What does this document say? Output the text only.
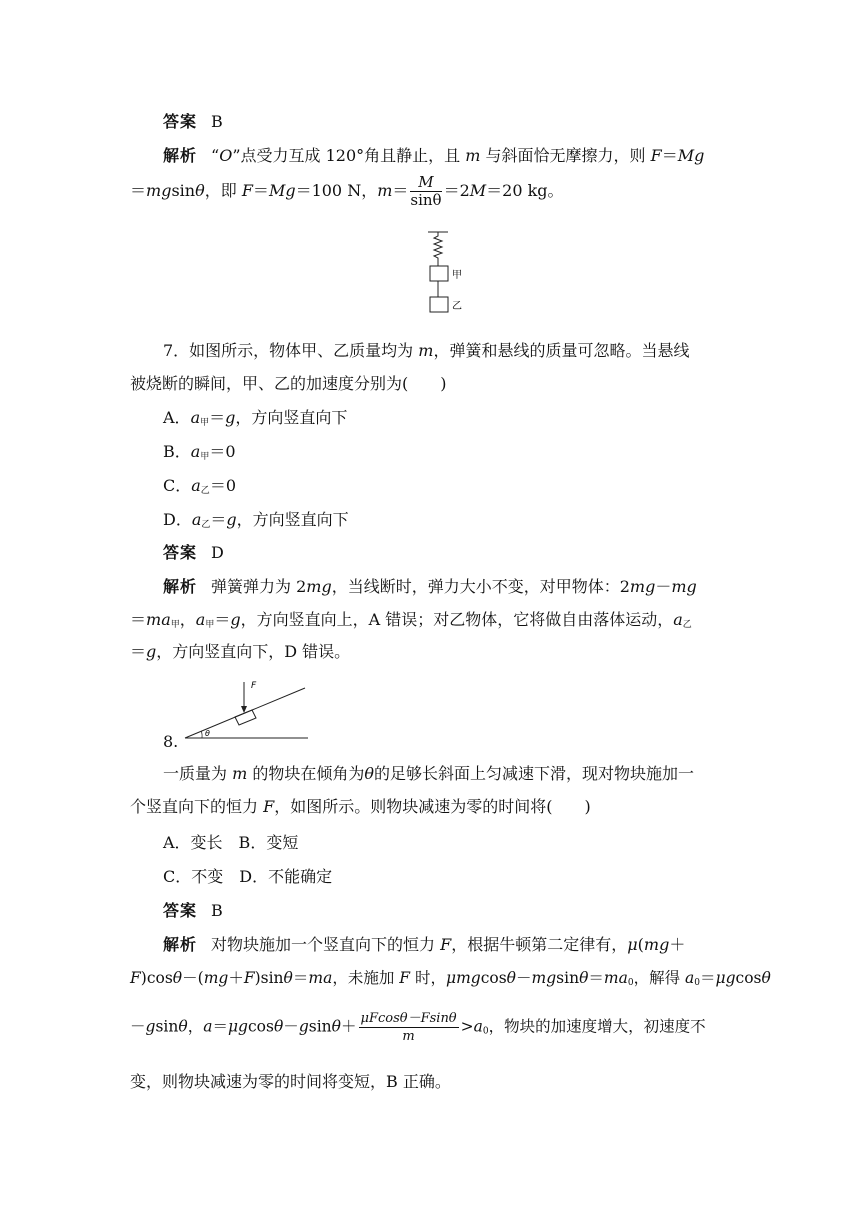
答案 B
解析 “O”点受力互成 120°角且静止，且 m 与斜面恰无摩擦力，则 F＝Mg
＝mgsinθ，即 F＝Mg＝100 N，$m= \frac{M}{\sin\theta} =2M=20$ kg。
甲
乙
7．如图所示，物体甲、乙质量均为 m，弹簧和悬线的质量可忽略。当悬线
被烧断的瞬间，甲、乙的加速度分别为(　　)
A．$a_甲=g$，方向竖直向下
B．$a_甲=0$
C．$a_乙=0$
D．$a_乙=g$，方向竖直向下
答案 D
解析 弹簧弹力为 2mg，当线断时，弹力大小不变，对甲物体：2mg－mg
$=ma_甲$，$a_甲=g$，方向竖直向上，A 错误；对乙物体，它将做自由落体运动，$a_乙$
＝g，方向竖直向下，D 错误。
F
θ
8.
一质量为 m 的物块在倾角为θ的足够长斜面上匀减速下滑，现对物块施加一
个竖直向下的恒力 F，如图所示。则物块减速为零的时间将(　　)
A．变长　B．变短
C．不变　D．不能确定
答案 B
解析 对物块施加一个竖直向下的恒力 F，根据牛顿第二定律有，μ(mg＋
F)cosθ－(mg＋F)sinθ＝ma，未施加 F 时，$\mu mgcos\theta-mgsin\theta=ma_0$，解得 $a_0=\mu gcos\theta$
－gsinθ，$a=\mu gcos\theta-gsin\theta+ \frac{\mu Fcos\theta-Fsin\theta}{m} >a_0$，物块的加速度增大，初速度不
变，则物块减速为零的时间将变短，B 正确。
